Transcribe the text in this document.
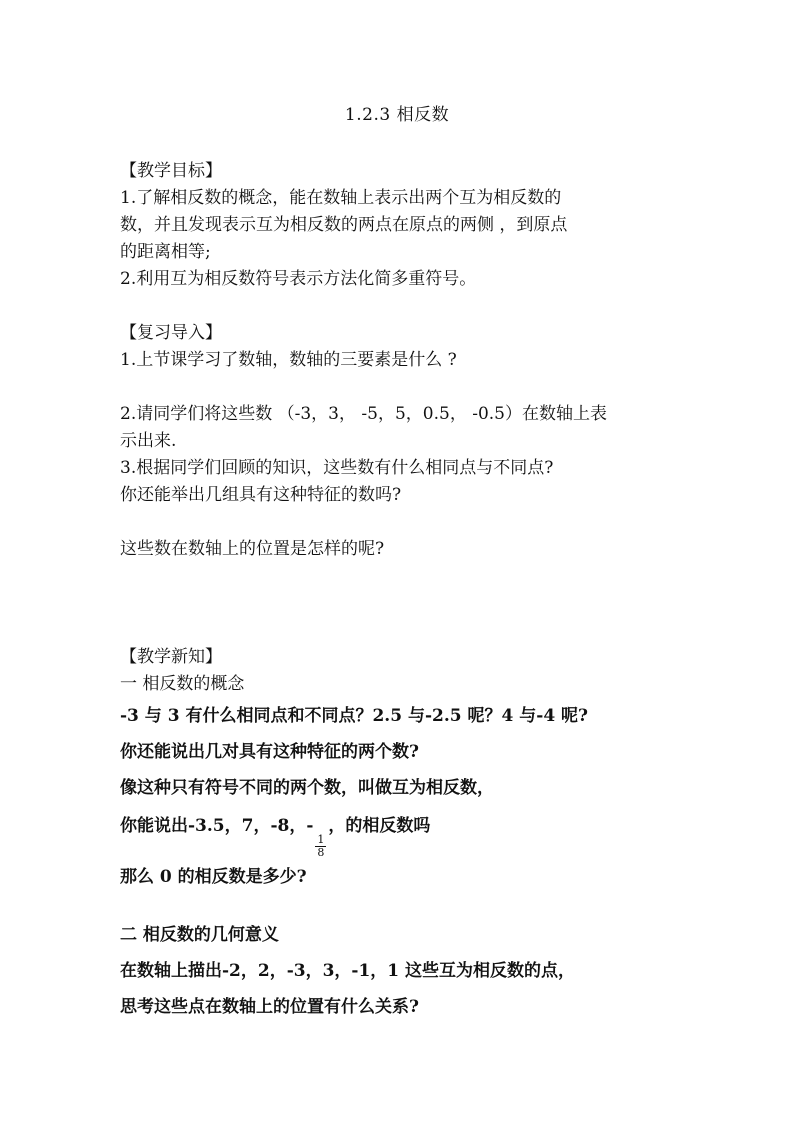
1.2.3 相反数

【教学目标】

1.了解相反数的概念，能在数轴上表示出两个互为相反数的

数，并且发现表示互为相反数的两点在原点的两侧 ，到原点

的距离相等;

2.利用互为相反数符号表示方法化简多重符号。

【复习导入】

1.上节课学习了数轴，数轴的三要素是什么 ?

2.请同学们将这些数 （-3，3， -5，5，0.5， -0.5）在数轴上表

示出来.

3.根据同学们回顾的知识，这些数有什么相同点与不同点?

你还能举出几组具有这种特征的数吗?

这些数在数轴上的位置是怎样的呢?

【教学新知】

一 相反数的概念

-3 与 3 有什么相同点和不同点？2.5 与-2.5 呢？4 与-4 呢?

你还能说出几对具有这种特征的两个数?

像这种只有符号不同的两个数，叫做互为相反数，

你能说出-3.5，7，-8，-
$\frac{1}{8}$
，的相反数吗

那么 0 的相反数是多少?

二 相反数的几何意义

在数轴上描出-2，2，-3，3，-1，1 这些互为相反数的点，

思考这些点在数轴上的位置有什么关系?
